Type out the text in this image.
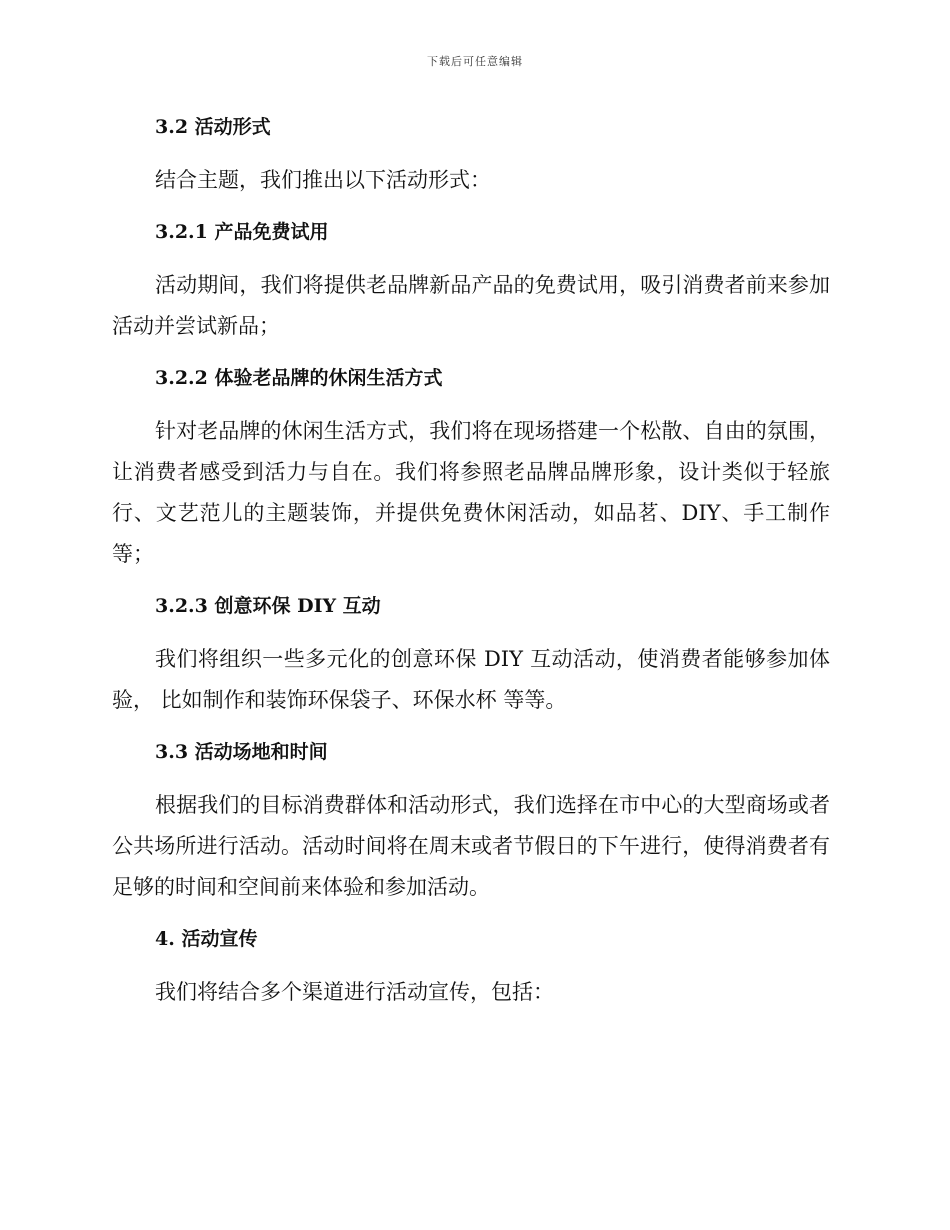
下载后可任意编辑
3.2 活动形式

结合主题，我们推出以下活动形式：

3.2.1 产品免费试用

活动期间，我们将提供老品牌新品产品的免费试用，吸引消费者前来参加活动并尝试新品；

3.2.2 体验老品牌的休闲生活方式

针对老品牌的休闲生活方式，我们将在现场搭建一个松散、自由的氛围，让消费者感受到活力与自在。我们将参照老品牌品牌形象，设计类似于轻旅行、文艺范儿的主题装饰，并提供免费休闲活动，如品茗、DIY、手工制作等；

3.2.3 创意环保 DIY 互动

我们将组织一些多元化的创意环保 DIY 互动活动，使消费者能够参加体验， 比如制作和装饰环保袋子、环保水杯 等等。

3.3 活动场地和时间

根据我们的目标消费群体和活动形式，我们选择在市中心的大型商场或者公共场所进行活动。活动时间将在周末或者节假日的下午进行，使得消费者有足够的时间和空间前来体验和参加活动。

4. 活动宣传

我们将结合多个渠道进行活动宣传，包括：
